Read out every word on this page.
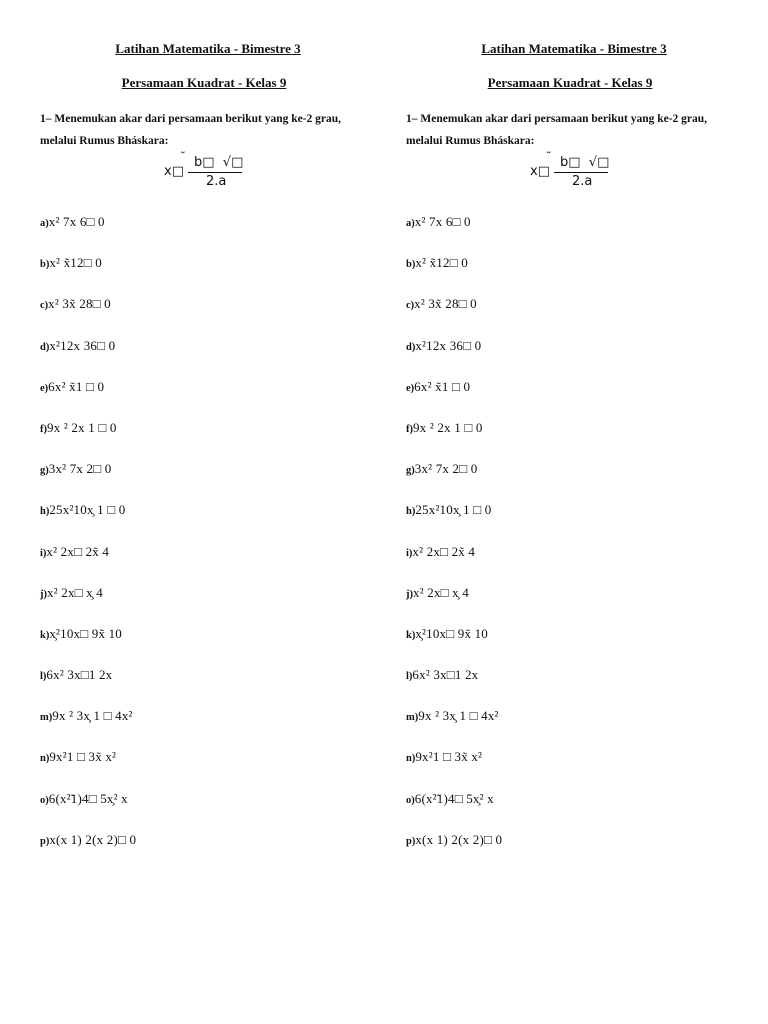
Latihan Matematika - Bimestre 3
Persamaan Kuadrat - Kelas 9
1– Menemukan akar dari persamaan berikut yang ke-2 grau, melalui Rumus Bháskara:
x□
˜ b□  √□
2.a
a)x² 7x 6□ 0
b)x² x̃12□ 0
c)x² 3x̃ 28□ 0
d)x²12x 36□ 0
e)6x² x̃1 □ 0
f)9x ² 2x 1 □ 0
g)3x² 7x 2□ 0
h)25x²10x̧ 1 □ 0
i)x² 2x□ 2x̃ 4
j)x² 2x□ x̧ 4
k)x̧²10x□ 9x̃ 10
l)6x² 3x□1 2x
m)9x ² 3x̧ 1 □ 4x²
n)9x²1 □ 3x̃ x²
o)6(x²̃1)4□ 5x̧² x
p)x(x 1) 2(x 2)□ 0
Latihan Matematika - Bimestre 3
Persamaan Kuadrat - Kelas 9
1– Menemukan akar dari persamaan berikut yang ke-2 grau, melalui Rumus Bháskara:
x□
˜ b□  √□
2.a
a)x² 7x 6□ 0
b)x² x̃12□ 0
c)x² 3x̃ 28□ 0
d)x²12x 36□ 0
e)6x² x̃1 □ 0
f)9x ² 2x 1 □ 0
g)3x² 7x 2□ 0
h)25x²10x̧ 1 □ 0
i)x² 2x□ 2x̃ 4
j)x² 2x□ x̧ 4
k)x̧²10x□ 9x̃ 10
l)6x² 3x□1 2x
m)9x ² 3x̧ 1 □ 4x²
n)9x²1 □ 3x̃ x²
o)6(x²̃1)4□ 5x̧² x
p)x(x 1) 2(x 2)□ 0
